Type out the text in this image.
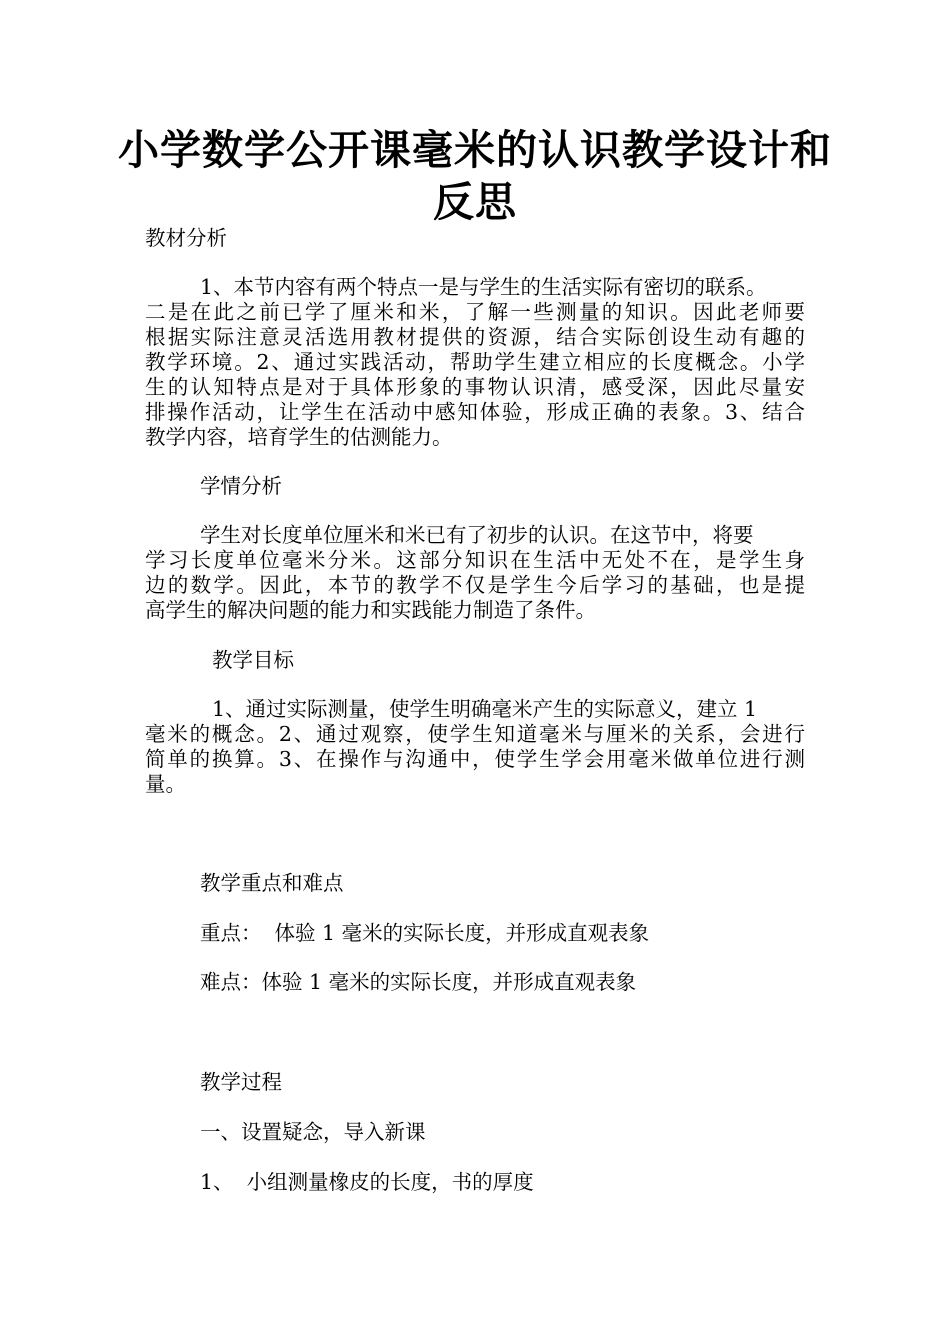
小学数学公开课毫米的认识教学设计和
反思

教材分析

1、本节内容有两个特点一是与学生的生活实际有密切的联系。

二是在此之前已学了厘米和米，了解一些测量的知识。因此老师要

根据实际注意灵活选用教材提供的资源，结合实际创设生动有趣的

教学环境。2、通过实践活动，帮助学生建立相应的长度概念。小学

生的认知特点是对于具体形象的事物认识清，感受深，因此尽量安

排操作活动，让学生在活动中感知体验，形成正确的表象。3、结合

教学内容，培育学生的估测能力。

学情分析

学生对长度单位厘米和米已有了初步的认识。在这节中，将要

学习长度单位毫米分米。这部分知识在生活中无处不在，是学生身

边的数学。因此，本节的教学不仅是学生今后学习的基础，也是提

高学生的解决问题的能力和实践能力制造了条件。

教学目标

1、通过实际测量，使学生明确毫米产生的实际意义，建立 1

毫米的概念。2、通过观察，使学生知道毫米与厘米的关系，会进行

简单的换算。3、在操作与沟通中，使学生学会用毫米做单位进行测

量。

教学重点和难点

重点：  体验 1 毫米的实际长度，并形成直观表象

难点：体验 1 毫米的实际长度，并形成直观表象

教学过程

一、设置疑念，导入新课

1、  小组测量橡皮的长度，书的厚度
